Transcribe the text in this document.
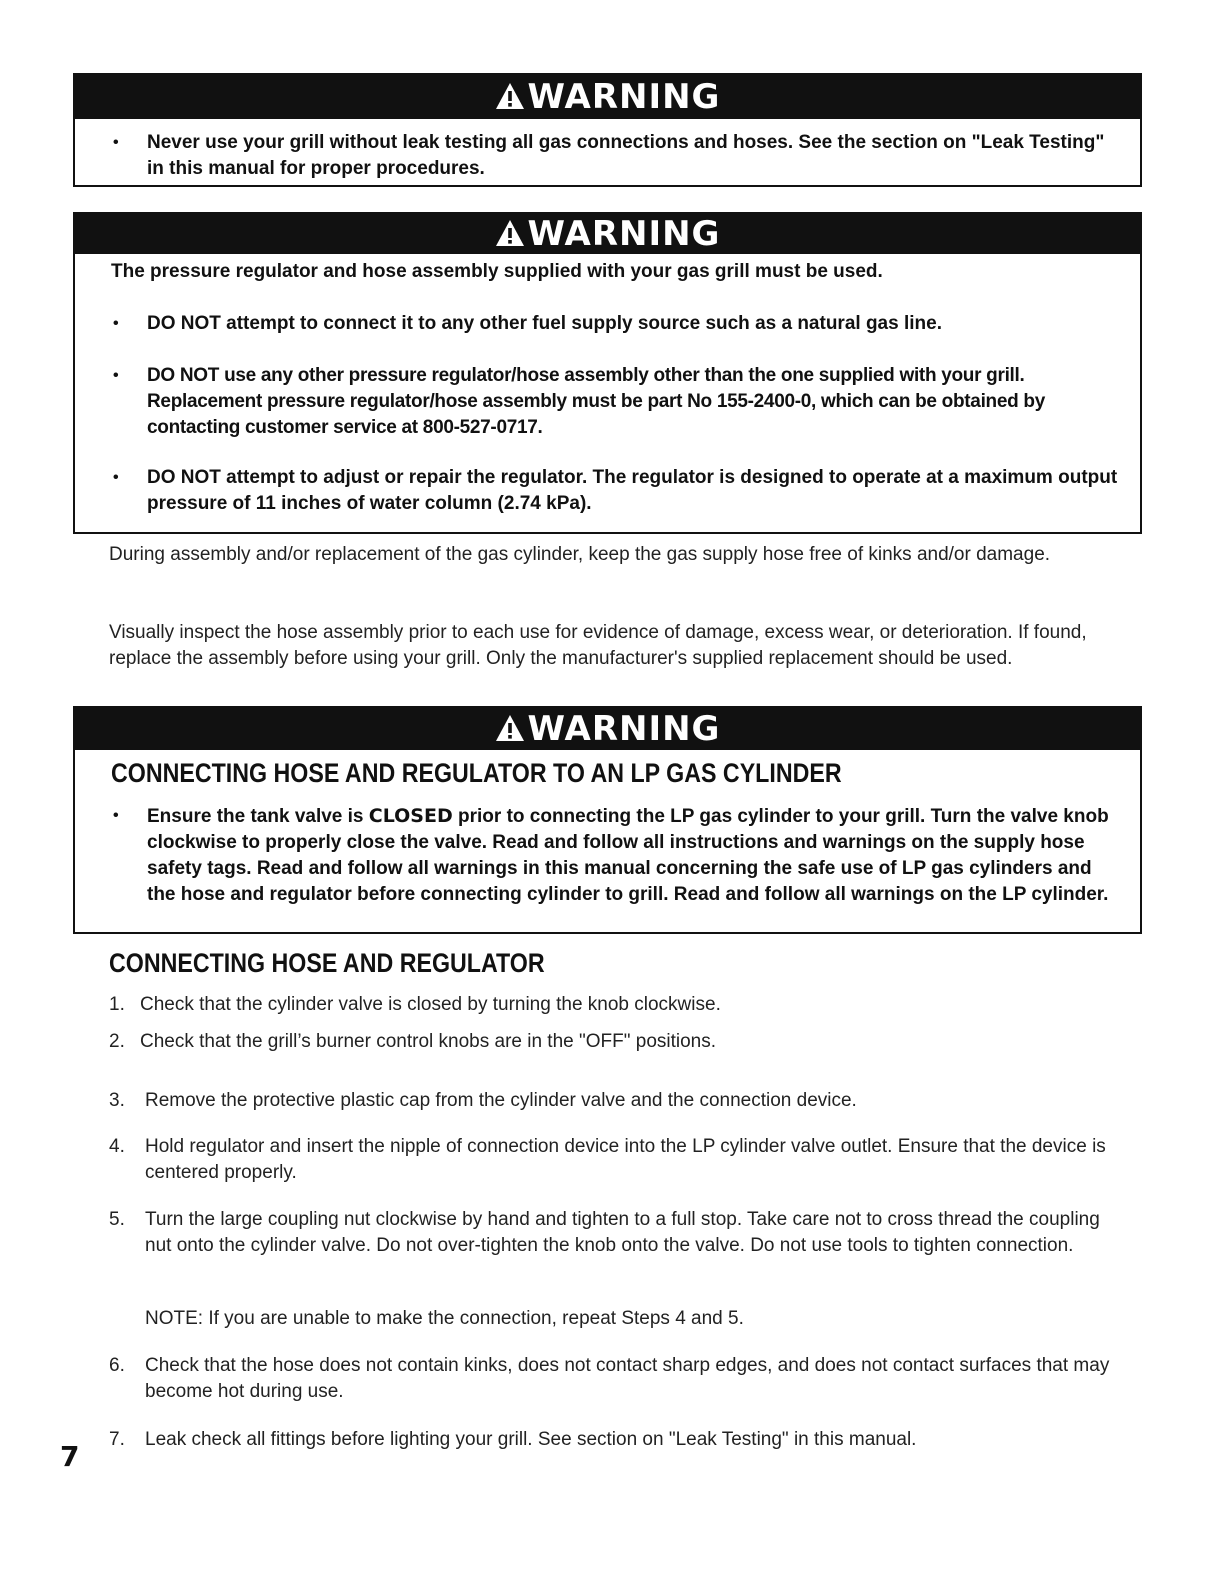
WARNING
• Never use your grill without leak testing all gas connections and hoses. See the section on "Leak Testing" in this manual for proper procedures.
WARNING
The pressure regulator and hose assembly supplied with your gas grill must be used.
• DO NOT attempt to connect it to any other fuel supply source such as a natural gas line.
• DO NOT use any other pressure regulator/hose assembly other than the one supplied with your grill. Replacement pressure regulator/hose assembly must be part No 155-2400-0, which can be obtained by contacting customer service at 800-527-0717.
• DO NOT attempt to adjust or repair the regulator. The regulator is designed to operate at a maximum output pressure of 11 inches of water column (2.74 kPa).
During assembly and/or replacement of the gas cylinder, keep the gas supply hose free of kinks and/or damage.
Visually inspect the hose assembly prior to each use for evidence of damage, excess wear, or deterioration. If found, replace the assembly before using your grill. Only the manufacturer's supplied replacement should be used.
WARNING
CONNECTING HOSE AND REGULATOR TO AN LP GAS CYLINDER
• Ensure the tank valve is CLOSED prior to connecting the LP gas cylinder to your grill. Turn the valve knob clockwise to properly close the valve. Read and follow all instructions and warnings on the supply hose safety tags. Read and follow all warnings in this manual concerning the safe use of LP gas cylinders and the hose and regulator before connecting cylinder to grill. Read and follow all warnings on the LP cylinder.
CONNECTING HOSE AND REGULATOR
1. Check that the cylinder valve is closed by turning the knob clockwise.
2. Check that the grill’s burner control knobs are in the "OFF" positions.
3.	Remove the protective plastic cap from the cylinder valve and the connection device.
4.	Hold regulator and insert the nipple of connection device into the LP cylinder valve outlet. Ensure that the device is centered properly.
5.	Turn the large coupling nut clockwise by hand and tighten to a full stop. Take care not to cross thread the coupling nut onto the cylinder valve. Do not over-tighten the knob onto the valve. Do not use tools to tighten connection.
NOTE: If you are unable to make the connection, repeat Steps 4 and 5.
6.	Check that the hose does not contain kinks, does not contact sharp edges, and does not contact surfaces that may become hot during use.
7.	Leak check all fittings before lighting your grill. See section on "Leak Testing" in this manual.
7
